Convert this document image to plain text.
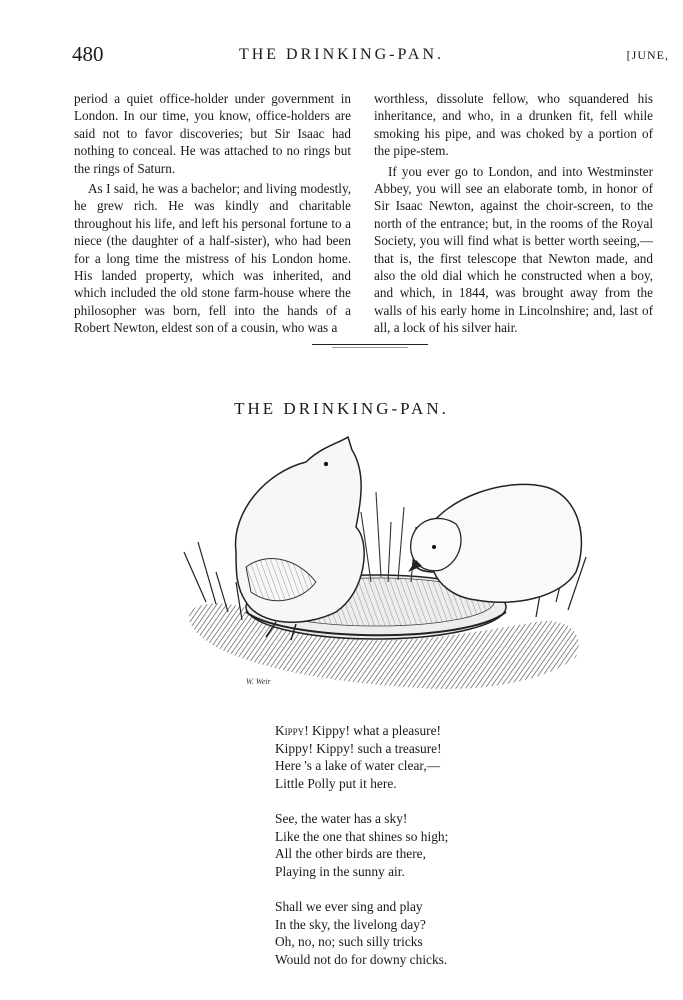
480	THE DRINKING-PAN.	[JUNE,

period a quiet office-holder under government in London. In our time, you know, office-holders are said not to favor discoveries; but Sir Isaac had nothing to conceal. He was attached to no rings but the rings of Saturn.

As I said, he was a bachelor; and living modestly, he grew rich. He was kindly and charitable throughout his life, and left his personal fortune to a niece (the daughter of a half-sister), who had been for a long time the mistress of his London home. His landed property, which was inherited, and which included the old stone farm-house where the philosopher was born, fell into the hands of a Robert Newton, eldest son of a cousin, who was a

worthless, dissolute fellow, who squandered his inheritance, and who, in a drunken fit, fell while smoking his pipe, and was choked by a portion of the pipe-stem.

If you ever go to London, and into Westminster Abbey, you will see an elaborate tomb, in honor of Sir Isaac Newton, against the choir-screen, to the north of the entrance; but, in the rooms of the Royal Society, you will find what is better worth seeing,—that is, the first telescope that Newton made, and also the old dial which he constructed when a boy, and which, in 1844, was brought away from the walls of his early home in Lincolnshire; and, last of all, a lock of his silver hair.

THE DRINKING-PAN.
W. Weir
Kippy! Kippy! what a pleasure!
Kippy! Kippy! such a treasure!
Here 's a lake of water clear,—
Little Polly put it here.
See, the water has a sky!
Like the one that shines so high;
All the other birds are there,
Playing in the sunny air.
Shall we ever sing and play
In the sky, the livelong day?
Oh, no, no; such silly tricks
Would not do for downy chicks.
